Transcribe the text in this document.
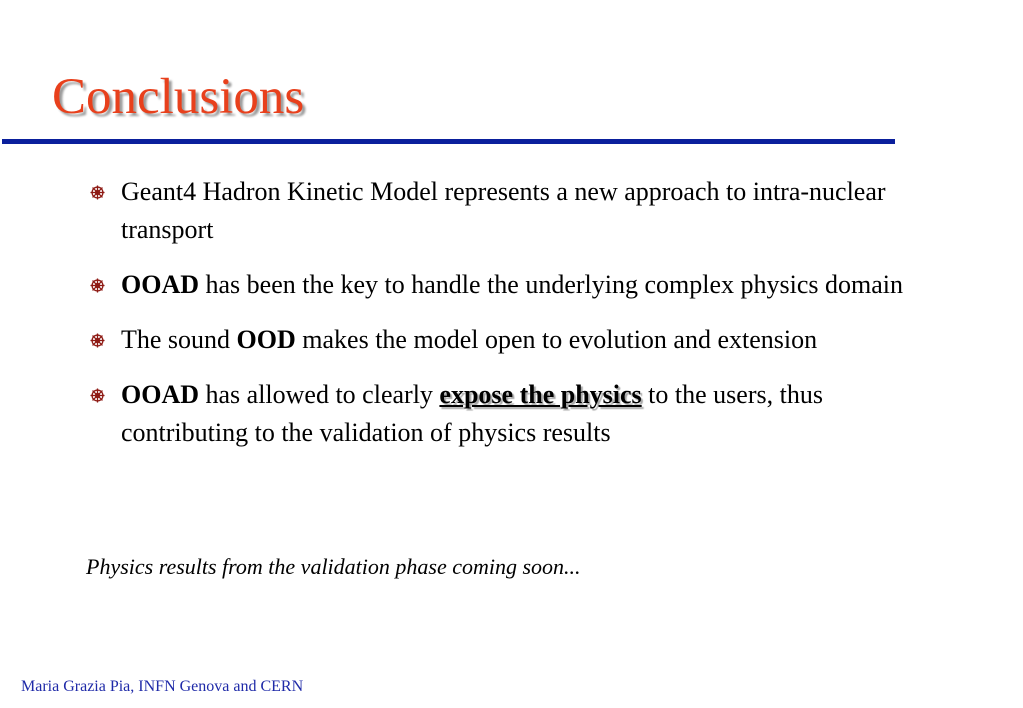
Conclusions
Geant4 Hadron Kinetic Model represents a new approach to intra-nuclear transport
OOAD has been the key to handle the underlying complex physics domain
The sound OOD makes the model open to evolution and extension
OOAD has allowed to clearly expose the physics to the users, thus contributing to the validation of physics results

Physics results from the validation phase coming soon...

Maria Grazia Pia, INFN Genova and CERN
